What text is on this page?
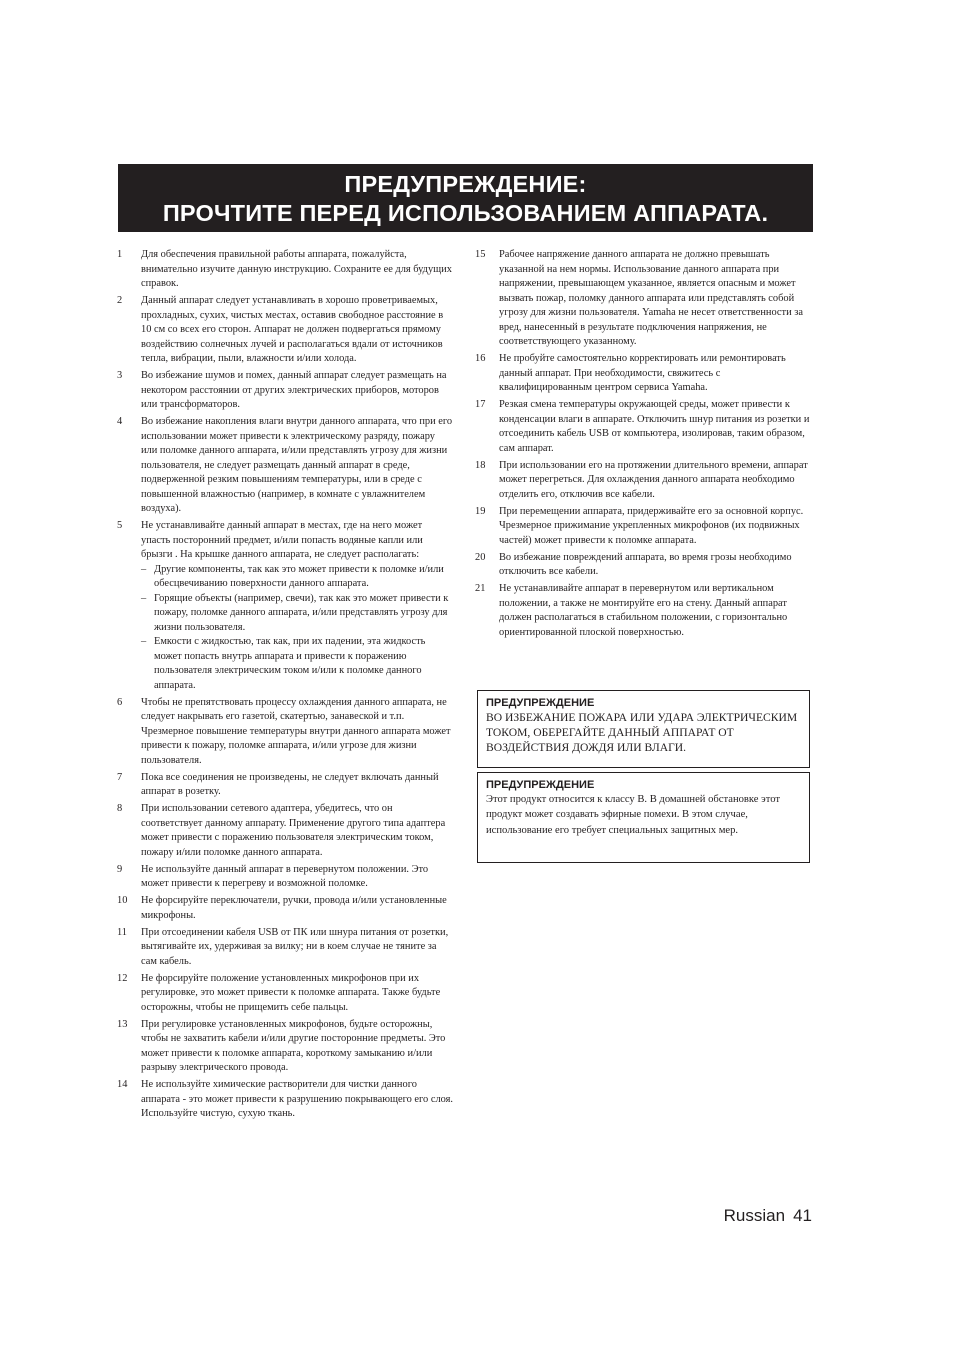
ПРЕДУПРЕЖДЕНИЕ:
ПРОЧТИТЕ ПЕРЕД ИСПОЛЬЗОВАНИЕМ АППАРАТА.
1	Для обеспечения правильной работы аппарата, пожалуйста, внимательно изучите данную инструкцию. Сохраните ее для будущих справок.
2	Данный аппарат следует устанавливать в хорошо проветриваемых, прохладных, сухих, чистых местах, оставив свободное расстояние в 10 см со всех его сторон. Аппарат не должен подвергаться прямому воздействию солнечных лучей и располагаться вдали от источников тепла, вибрации, пыли, влажности и/или холода.
3	Во избежание шумов и помех, данный аппарат следует размещать на некотором расстоянии от других электрических приборов, моторов или трансформаторов.
4	Во избежание накопления влаги внутри данного аппарата, что при его использовании может привести к электрическому разряду, пожару или поломке данного аппарата, и/или представлять угрозу для жизни пользователя, не следует размещать данный аппарат в среде, подверженной резким повышениям температуры, или в среде с повышенной влажностью (например, в комнате с увлажнителем воздуха).
5	Не устанавливайте данный аппарат в местах, где на него может упасть посторонний предмет, и/или попасть водяные капли или брызги . На крышке данного аппарата, не следует располагать:
– Другие компоненты, так как это может привести к поломке и/или обесцвечиванию поверхности данного аппарата.
– Горящие объекты (например, свечи), так как это может привести к пожару, поломке данного аппарата, и/или представлять угрозу для жизни пользователя.
– Емкости с жидкостью, так как, при их падении, эта жидкость может попасть внутрь аппарата и привести к поражению пользователя электрическим током и/или к поломке данного аппарата.
6	Чтобы не препятствовать процессу охлаждения данного аппарата, не следует накрывать его газетой, скатертью, занавеской и т.п. Чрезмерное повышение температуры внутри данного аппарата может привести к пожару, поломке аппарата, и/или угрозе для жизни пользователя.
7	Пока все соединения не произведены, не следует включать данный аппарат в розетку.
8	При использовании сетевого адаптера, убедитесь, что он соответствует данному аппарату. Применение другого типа адаптера может привести с поражению пользователя электрическим током, пожару и/или поломке данного аппарата.
9	Не используйте данный аппарат в перевернутом положении. Это может привести к перегреву и возможной поломке.
10	Не форсируйте переключатели, ручки, провода и/или установленные микрофоны.
11	При отсоединении кабеля USB от ПК или шнура питания от розетки, вытягивайте их, удерживая за вилку; ни в коем случае не тяните за сам кабель.
12	Не форсируйте положение установленных микрофонов при их регулировке, это может привести к поломке аппарата. Также будьте осторожны, чтобы не прищемить себе пальцы.
13	При регулировке установленных микрофонов, будьте осторожны, чтобы не захватить кабели и/или другие посторонние предметы. Это может привести к поломке аппарата, короткому замыканию и/или разрыву электрического провода.
14	Не используйте химические растворители для чистки данного аппарата - это может привести к разрушению покрывающего его слоя. Используйте чистую, сухую ткань.
15	Рабочее напряжение данного аппарата не должно превышать указанной на нем нормы. Использование данного аппарата при напряжении, превышающем указанное, является опасным и может вызвать пожар, поломку данного аппарата или представлять собой угрозу для жизни пользователя. Yamaha не несет ответственности за вред, нанесенный в результате подключения напряжения, не соответствующего указанному.
16	Не пробуйте самостоятельно корректировать или ремонтировать данный аппарат. При необходимости, свяжитесь с квалифицированным центром сервиса Yamaha.
17	Резкая смена температуры окружающей среды, может привести к конденсации влаги в аппарате. Отключить шнур питания из розетки и отсоединить кабель USB от компьютера, изолировав, таким образом, сам аппарат.
18	При использовании его на протяжении длительного времени, аппарат может перегреться. Для охлаждения данного аппарата необходимо отделить его, отключив все кабели.
19	При перемещении аппарата, придерживайте его за основной корпус. Чрезмерное прижимание укрепленных микрофонов (их подвижных частей) может привести к поломке аппарата.
20	Во избежание повреждений аппарата, во время грозы необходимо отключить все кабели.
21	Не устанавливайте аппарат в перевернутом или вертикальном положении, а также не монтируйте его на стену. Данный аппарат должен располагаться в стабильном положении, с горизонтально ориентированной плоской поверхностью.
ПРЕДУПРЕЖДЕНИЕ
ВО ИЗБЕЖАНИЕ ПОЖАРА ИЛИ УДАРА ЭЛЕКТРИЧЕСКИМ ТОКОМ, ОБЕРЕГАЙТЕ ДАННЫЙ АППАРАТ ОТ ВОЗДЕЙСТВИЯ ДОЖДЯ ИЛИ ВЛАГИ.
ПРЕДУПРЕЖДЕНИЕ
Этот продукт относится к классу B. В домашней обстановке этот продукт может создавать эфирные помехи. В этом случае, использование его требует специальных защитных мер.
Russian 41
